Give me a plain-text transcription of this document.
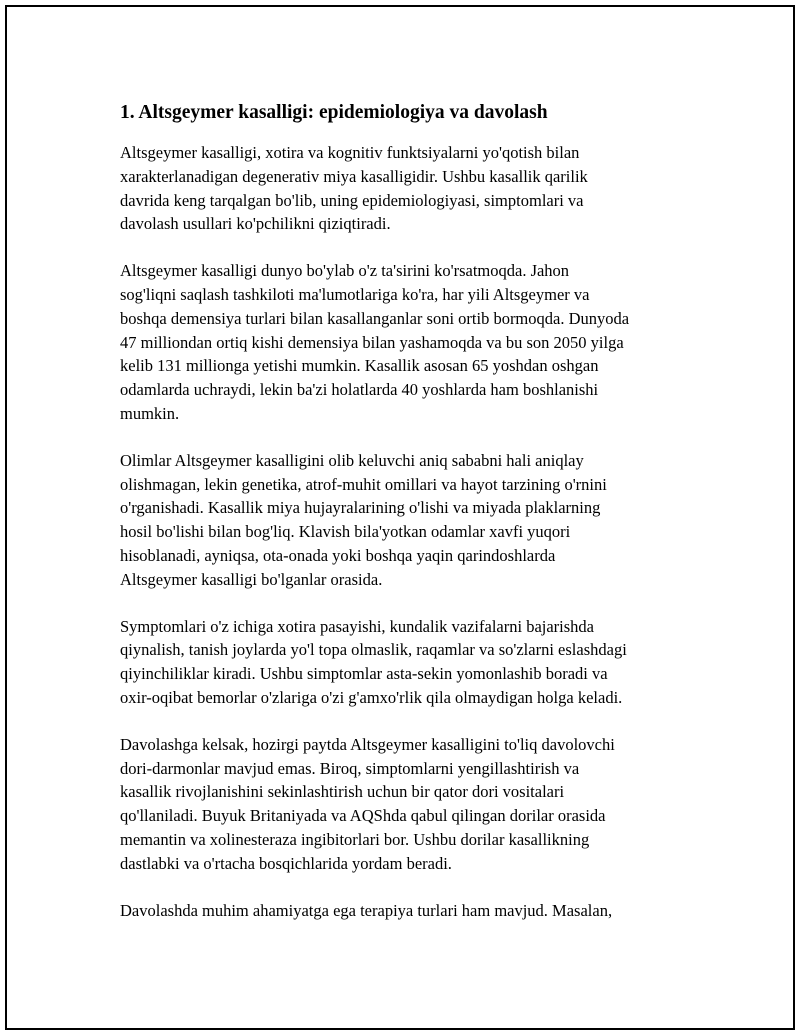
1. Altsgeymer kasalligi: epidemiologiya va davolash

Altsgeymer kasalligi, xotira va kognitiv funktsiyalarni yo'qotish bilan
xarakterlanadigan degenerativ miya kasalligidir. Ushbu kasallik qarilik
davrida keng tarqalgan bo'lib, uning epidemiologiyasi, simptomlari va
davolash usullari ko'pchilikni qiziqtiradi.

Altsgeymer kasalligi dunyo bo'ylab o'z ta'sirini ko'rsatmoqda. Jahon
sog'liqni saqlash tashkiloti ma'lumotlariga ko'ra, har yili Altsgeymer va
boshqa demensiya turlari bilan kasallanganlar soni ortib bormoqda. Dunyoda
47 milliondan ortiq kishi demensiya bilan yashamoqda va bu son 2050 yilga
kelib 131 millionga yetishi mumkin. Kasallik asosan 65 yoshdan oshgan
odamlarda uchraydi, lekin ba'zi holatlarda 40 yoshlarda ham boshlanishi
mumkin.

Olimlar Altsgeymer kasalligini olib keluvchi aniq sababni hali aniqlay
olishmagan, lekin genetika, atrof-muhit omillari va hayot tarzining o'rnini
o'rganishadi. Kasallik miya hujayralarining o'lishi va miyada plaklarning
hosil bo'lishi bilan bog'liq. Klavish bila'yotkan odamlar xavfi yuqori
hisoblanadi, ayniqsa, ota-onada yoki boshqa yaqin qarindoshlarda
Altsgeymer kasalligi bo'lganlar orasida.

Symptomlari o'z ichiga xotira pasayishi, kundalik vazifalarni bajarishda
qiynalish, tanish joylarda yo'l topa olmaslik, raqamlar va so'zlarni eslashdagi
qiyinchiliklar kiradi. Ushbu simptomlar asta-sekin yomonlashib boradi va
oxir-oqibat bemorlar o'zlariga o'zi g'amxo'rlik qila olmaydigan holga keladi.

Davolashga kelsak, hozirgi paytda Altsgeymer kasalligini to'liq davolovchi
dori-darmonlar mavjud emas. Biroq, simptomlarni yengillashtirish va
kasallik rivojlanishini sekinlashtirish uchun bir qator dori vositalari
qo'llaniladi. Buyuk Britaniyada va AQShda qabul qilingan dorilar orasida
memantin va xolinesteraza ingibitorlari bor. Ushbu dorilar kasallikning
dastlabki va o'rtacha bosqichlarida yordam beradi.

Davolashda muhim ahamiyatga ega terapiya turlari ham mavjud. Masalan,
